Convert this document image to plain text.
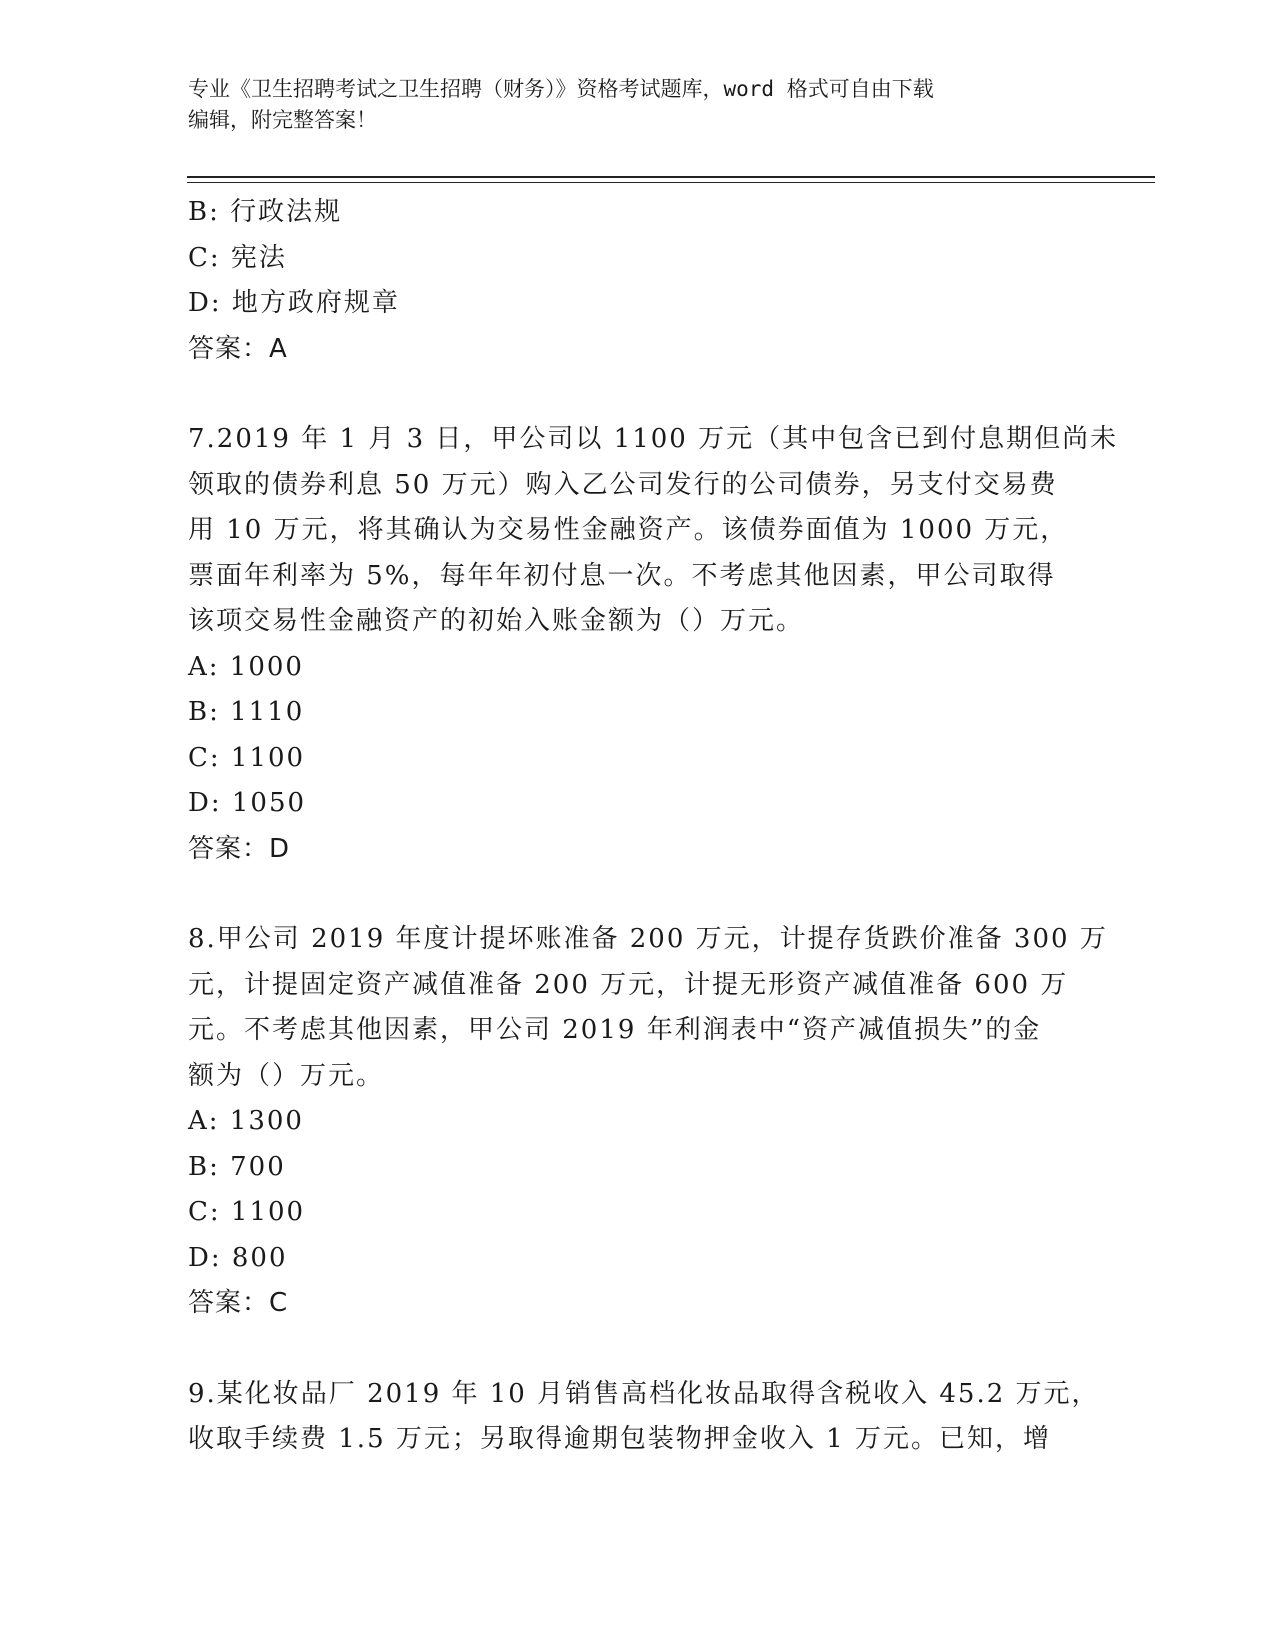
专业《卫生招聘考试之卫生招聘（财务）》资格考试题库，word 格式可自由下载
编辑，附完整答案！
B: 行政法规
C: 宪法
D: 地方政府规章
答案：A
7.2019 年 1 月 3 日，甲公司以 1100 万元（其中包含已到付息期但尚未
领取的债券利息 50 万元）购入乙公司发行的公司债券，另支付交易费
用 10 万元，将其确认为交易性金融资产。该债券面值为 1000 万元，
票面年利率为 5%，每年年初付息一次。不考虑其他因素，甲公司取得
该项交易性金融资产的初始入账金额为（）万元。
A: 1000
B: 1110
C: 1100
D: 1050
答案：D
8.甲公司 2019 年度计提坏账准备 200 万元，计提存货跌价准备 300 万
元，计提固定资产减值准备 200 万元，计提无形资产减值准备 600 万
元。不考虑其他因素，甲公司 2019 年利润表中“资产减值损失”的金
额为（）万元。
A: 1300
B: 700
C: 1100
D: 800
答案：C
9.某化妆品厂 2019 年 10 月销售高档化妆品取得含税收入 45.2 万元，
收取手续费 1.5 万元；另取得逾期包装物押金收入 1 万元。已知，增
